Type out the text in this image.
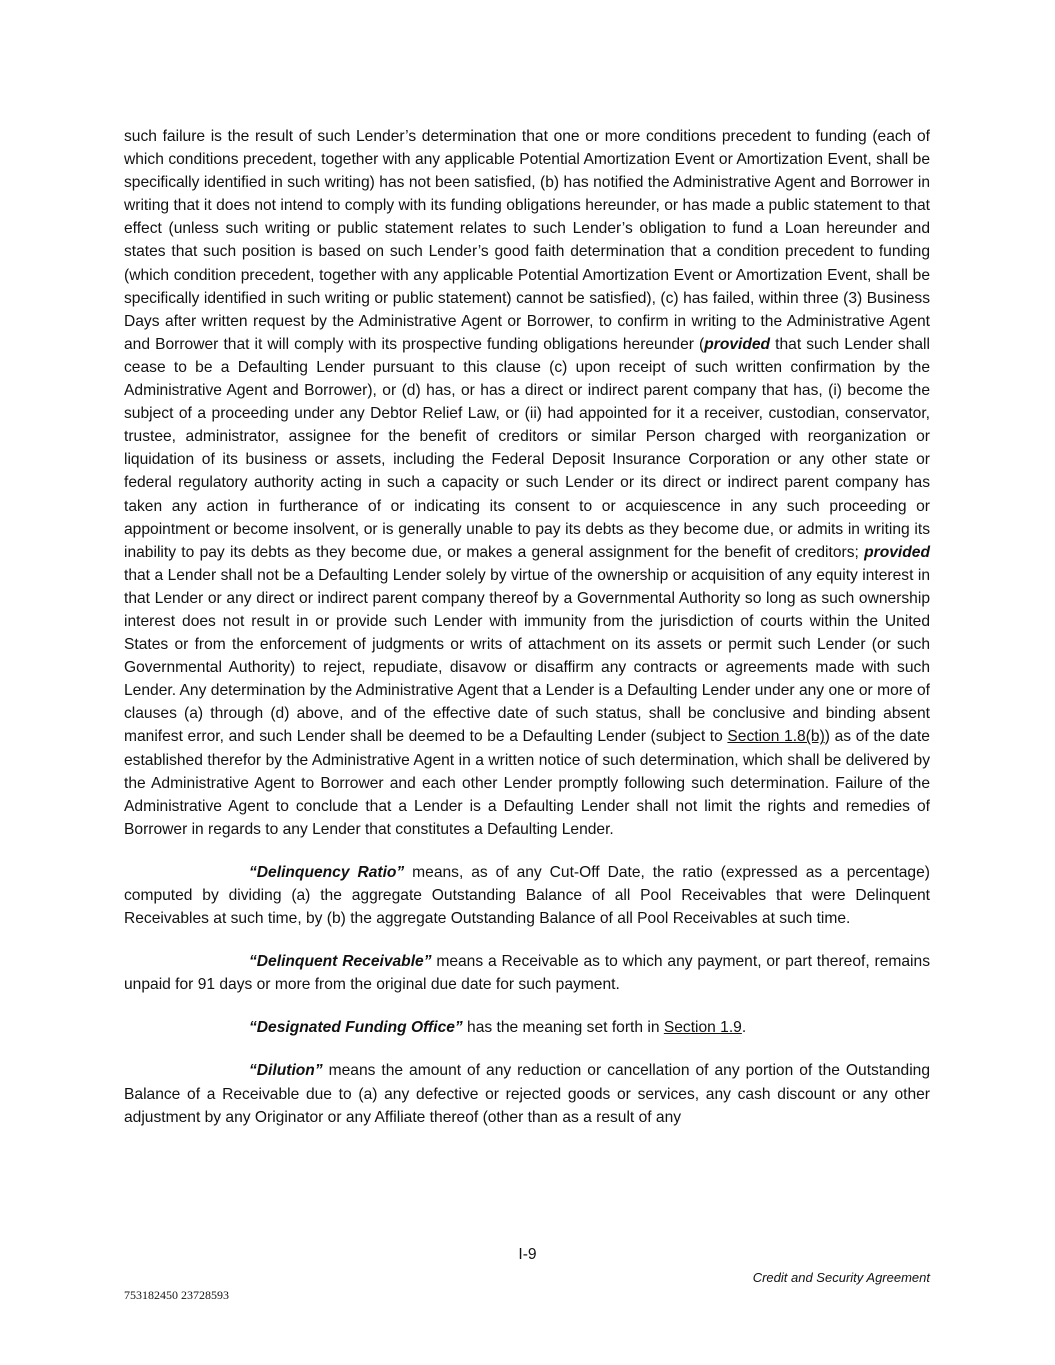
such failure is the result of such Lender’s determination that one or more conditions precedent to funding (each of which conditions precedent, together with any applicable Potential Amortization Event or Amortization Event, shall be specifically identified in such writing) has not been satisfied, (b) has notified the Administrative Agent and Borrower in writing that it does not intend to comply with its funding obligations hereunder, or has made a public statement to that effect (unless such writing or public statement relates to such Lender’s obligation to fund a Loan hereunder and states that such position is based on such Lender’s good faith determination that a condition precedent to funding (which condition precedent, together with any applicable Potential Amortization Event or Amortization Event, shall be specifically identified in such writing or public statement) cannot be satisfied), (c) has failed, within three (3) Business Days after written request by the Administrative Agent or Borrower, to confirm in writing to the Administrative Agent and Borrower that it will comply with its prospective funding obligations hereunder (provided that such Lender shall cease to be a Defaulting Lender pursuant to this clause (c) upon receipt of such written confirmation by the Administrative Agent and Borrower), or (d) has, or has a direct or indirect parent company that has, (i) become the subject of a proceeding under any Debtor Relief Law, or (ii) had appointed for it a receiver, custodian, conservator, trustee, administrator, assignee for the benefit of creditors or similar Person charged with reorganization or liquidation of its business or assets, including the Federal Deposit Insurance Corporation or any other state or federal regulatory authority acting in such a capacity or such Lender or its direct or indirect parent company has taken any action in furtherance of or indicating its consent to or acquiescence in any such proceeding or appointment or become insolvent, or is generally unable to pay its debts as they become due, or admits in writing its inability to pay its debts as they become due, or makes a general assignment for the benefit of creditors; provided that a Lender shall not be a Defaulting Lender solely by virtue of the ownership or acquisition of any equity interest in that Lender or any direct or indirect parent company thereof by a Governmental Authority so long as such ownership interest does not result in or provide such Lender with immunity from the jurisdiction of courts within the United States or from the enforcement of judgments or writs of attachment on its assets or permit such Lender (or such Governmental Authority) to reject, repudiate, disavow or disaffirm any contracts or agreements made with such Lender. Any determination by the Administrative Agent that a Lender is a Defaulting Lender under any one or more of clauses (a) through (d) above, and of the effective date of such status, shall be conclusive and binding absent manifest error, and such Lender shall be deemed to be a Defaulting Lender (subject to Section 1.8(b)) as of the date established therefor by the Administrative Agent in a written notice of such determination, which shall be delivered by the Administrative Agent to Borrower and each other Lender promptly following such determination. Failure of the Administrative Agent to conclude that a Lender is a Defaulting Lender shall not limit the rights and remedies of Borrower in regards to any Lender that constitutes a Defaulting Lender.

“Delinquency Ratio” means, as of any Cut-Off Date, the ratio (expressed as a percentage) computed by dividing (a) the aggregate Outstanding Balance of all Pool Receivables that were Delinquent Receivables at such time, by (b) the aggregate Outstanding Balance of all Pool Receivables at such time.

“Delinquent Receivable” means a Receivable as to which any payment, or part thereof, remains unpaid for 91 days or more from the original due date for such payment.

“Designated Funding Office” has the meaning set forth in Section 1.9.

“Dilution” means the amount of any reduction or cancellation of any portion of the Outstanding Balance of a Receivable due to (a) any defective or rejected goods or services, any cash discount or any other adjustment by any Originator or any Affiliate thereof (other than as a result of any

I-9
Credit and Security Agreement
753182450 23728593
